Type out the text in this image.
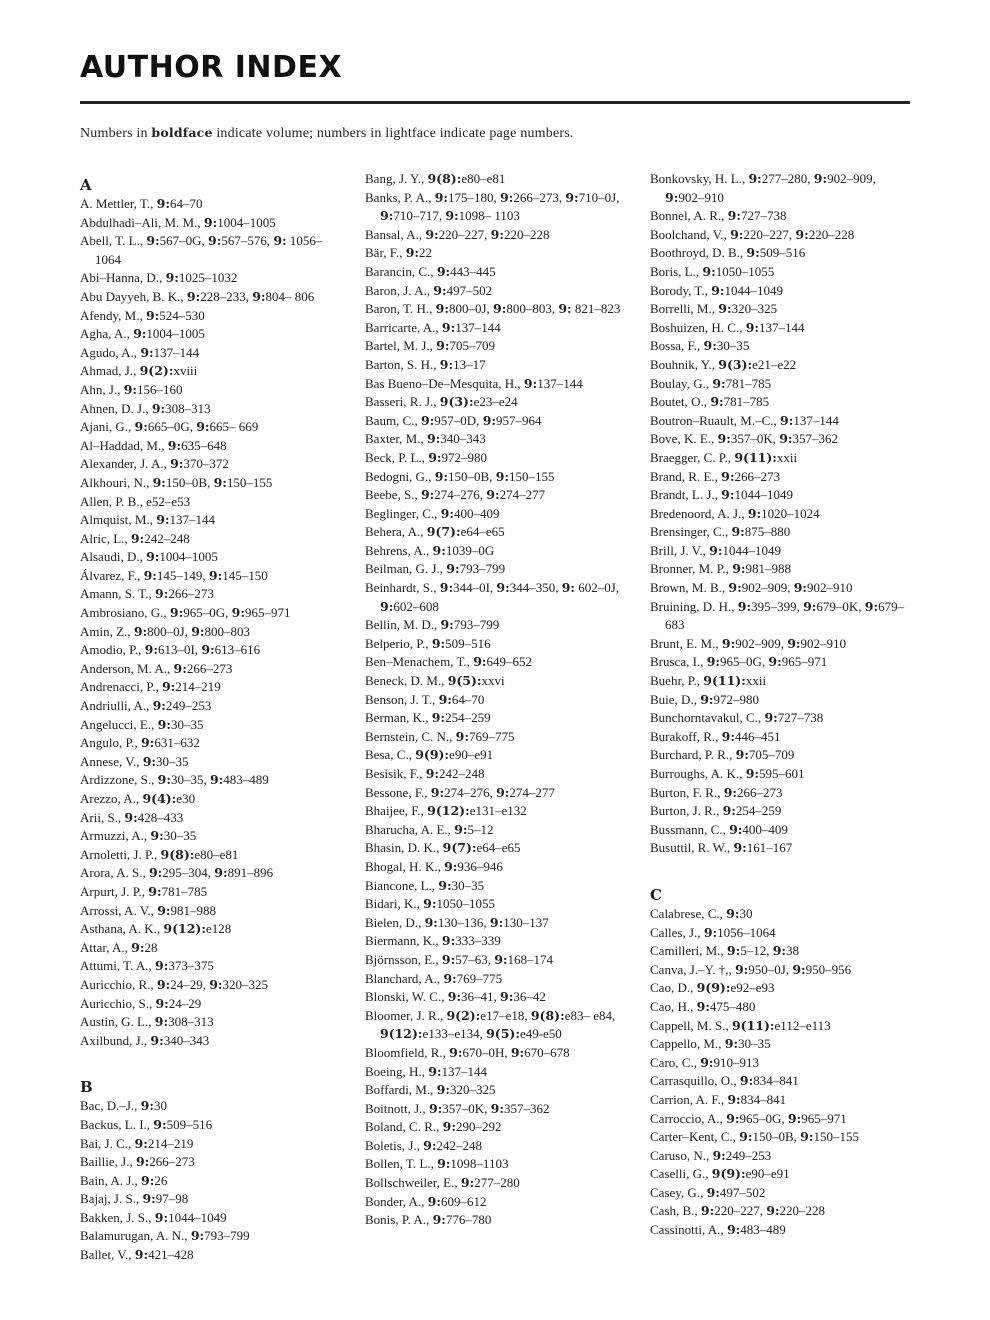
AUTHOR INDEX
Numbers in boldface indicate volume; numbers in lightface indicate page numbers.
A
A. Mettler, T., 9:64–70
Abdulhadi–Ali, M. M., 9:1004–1005
Abell, T. L., 9:567–0G, 9:567–576, 9: 1056–1064
Abi–Hanna, D., 9:1025–1032
Abu Dayyeh, B. K., 9:228–233, 9:804– 806
Afendy, M., 9:524–530
Agha, A., 9:1004–1005
Agudo, A., 9:137–144
Ahmad, J., 9(2):xviii
Ahn, J., 9:156–160
Ahnen, D. J., 9:308–313
Ajani, G., 9:665–0G, 9:665– 669
Al–Haddad, M., 9:635–648
Alexander, J. A., 9:370–372
Alkhouri, N., 9:150–0B, 9:150–155
Allen, P. B., e52–e53
Almquist, M., 9:137–144
Alric, L., 9:242–248
Alsaudi, D., 9:1004–1005
Álvarez, F., 9:145–149, 9:145–150
Amann, S. T., 9:266–273
Ambrosiano, G., 9:965–0G, 9:965–971
Amin, Z., 9:800–0J, 9:800–803
Amodio, P., 9:613–0I, 9:613–616
Anderson, M. A., 9:266–273
Andrenacci, P., 9:214–219
Andriulli, A., 9:249–253
Angelucci, E., 9:30–35
Angulo, P., 9:631–632
Annese, V., 9:30–35
Ardizzone, S., 9:30–35, 9:483–489
Arezzo, A., 9(4):e30
Arii, S., 9:428–433
Armuzzi, A., 9:30–35
Arnoletti, J. P., 9(8):e80–e81
Arora, A. S., 9:295–304, 9:891–896
Arpurt, J. P., 9:781–785
Arrossi, A. V., 9:981–988
Asthana, A. K., 9(12):e128
Attar, A., 9:28
Attumi, T. A., 9:373–375
Auricchio, R., 9:24–29, 9:320–325
Auricchio, S., 9:24–29
Austin, G. L., 9:308–313
Axilbund, J., 9:340–343
B
Bac, D.–J., 9:30
Backus, L. I., 9:509–516
Bai, J. C., 9:214–219
Baillie, J., 9:266–273
Bain, A. J., 9:26
Bajaj, J. S., 9:97–98
Bakken, J. S., 9:1044–1049
Balamurugan, A. N., 9:793–799
Ballet, V., 9:421–428
Bang, J. Y., 9(8):e80–e81
Banks, P. A., 9:175–180, 9:266–273, 9:710–0J, 9:710–717, 9:1098– 1103
Bansal, A., 9:220–227, 9:220–228
Bär, F., 9:22
Barancin, C., 9:443–445
Baron, J. A., 9:497–502
Baron, T. H., 9:800–0J, 9:800–803, 9: 821–823
Barricarte, A., 9:137–144
Bartel, M. J., 9:705–709
Barton, S. H., 9:13–17
Bas Bueno–De–Mesquita, H., 9:137–144
Basseri, R. J., 9(3):e23–e24
Baum, C., 9:957–0D, 9:957–964
Baxter, M., 9:340–343
Beck, P. L., 9:972–980
Bedogni, G., 9:150–0B, 9:150–155
Beebe, S., 9:274–276, 9:274–277
Beglinger, C., 9:400–409
Behera, A., 9(7):e64–e65
Behrens, A., 9:1039–0G
Beilman, G. J., 9:793–799
Beinhardt, S., 9:344–0I, 9:344–350, 9: 602–0J, 9:602–608
Bellin, M. D., 9:793–799
Belperio, P., 9:509–516
Ben–Menachem, T., 9:649–652
Beneck, D. M., 9(5):xxvi
Benson, J. T., 9:64–70
Berman, K., 9:254–259
Bernstein, C. N., 9:769–775
Besa, C., 9(9):e90–e91
Besisik, F., 9:242–248
Bessone, F., 9:274–276, 9:274–277
Bhaijee, F., 9(12):e131–e132
Bharucha, A. E., 9:5–12
Bhasin, D. K., 9(7):e64–e65
Bhogal, H. K., 9:936–946
Biancone, L., 9:30–35
Bidari, K., 9:1050–1055
Bielen, D., 9:130–136, 9:130–137
Biermann, K., 9:333–339
Björnsson, E., 9:57–63, 9:168–174
Blanchard, A., 9:769–775
Blonski, W. C., 9:36–41, 9:36–42
Bloomer, J. R., 9(2):e17–e18, 9(8):e83– e84, 9(12):e133–e134, 9(5):e49-e50
Bloomfield, R., 9:670–0H, 9:670–678
Boeing, H., 9:137–144
Boffardi, M., 9:320–325
Boitnott, J., 9:357–0K, 9:357–362
Boland, C. R., 9:290–292
Boletis, J., 9:242–248
Bollen, T. L., 9:1098–1103
Bollschweiler, E., 9:277–280
Bonder, A., 9:609–612
Bonis, P. A., 9:776–780
Bonkovsky, H. L., 9:277–280, 9:902–909, 9:902–910
Bonnel, A. R., 9:727–738
Boolchand, V., 9:220–227, 9:220–228
Boothroyd, D. B., 9:509–516
Boris, L., 9:1050–1055
Borody, T., 9:1044–1049
Borrelli, M., 9:320–325
Boshuizen, H. C., 9:137–144
Bossa, F., 9:30–35
Bouhnik, Y., 9(3):e21–e22
Boulay, G., 9:781–785
Boutet, O., 9:781–785
Boutron–Ruault, M.–C., 9:137–144
Bove, K. E., 9:357–0K, 9:357–362
Braegger, C. P., 9(11):xxii
Brand, R. E., 9:266–273
Brandt, L. J., 9:1044–1049
Bredenoord, A. J., 9:1020–1024
Brensinger, C., 9:875–880
Brill, J. V., 9:1044–1049
Bronner, M. P., 9:981–988
Brown, M. B., 9:902–909, 9:902–910
Bruining, D. H., 9:395–399, 9:679–0K, 9:679–683
Brunt, E. M., 9:902–909, 9:902–910
Brusca, I., 9:965–0G, 9:965–971
Buehr, P., 9(11):xxii
Buie, D., 9:972–980
Bunchorntavakul, C., 9:727–738
Burakoff, R., 9:446–451
Burchard, P. R., 9:705–709
Burroughs, A. K., 9:595–601
Burton, F. R., 9:266–273
Burton, J. R., 9:254–259
Bussmann, C., 9:400–409
Busuttil, R. W., 9:161–167
C
Calabrese, C., 9:30
Calles, J., 9:1056–1064
Camilleri, M., 9:5–12, 9:38
Canva, J.–Y. †,, 9:950–0J, 9:950–956
Cao, D., 9(9):e92–e93
Cao, H., 9:475–480
Cappell, M. S., 9(11):e112–e113
Cappello, M., 9:30–35
Caro, C., 9:910–913
Carrasquillo, O., 9:834–841
Carrion, A. F., 9:834–841
Carroccio, A., 9:965–0G, 9:965–971
Carter–Kent, C., 9:150–0B, 9:150–155
Caruso, N., 9:249–253
Caselli, G., 9(9):e90–e91
Casey, G., 9:497–502
Cash, B., 9:220–227, 9:220–228
Cassinotti, A., 9:483–489
